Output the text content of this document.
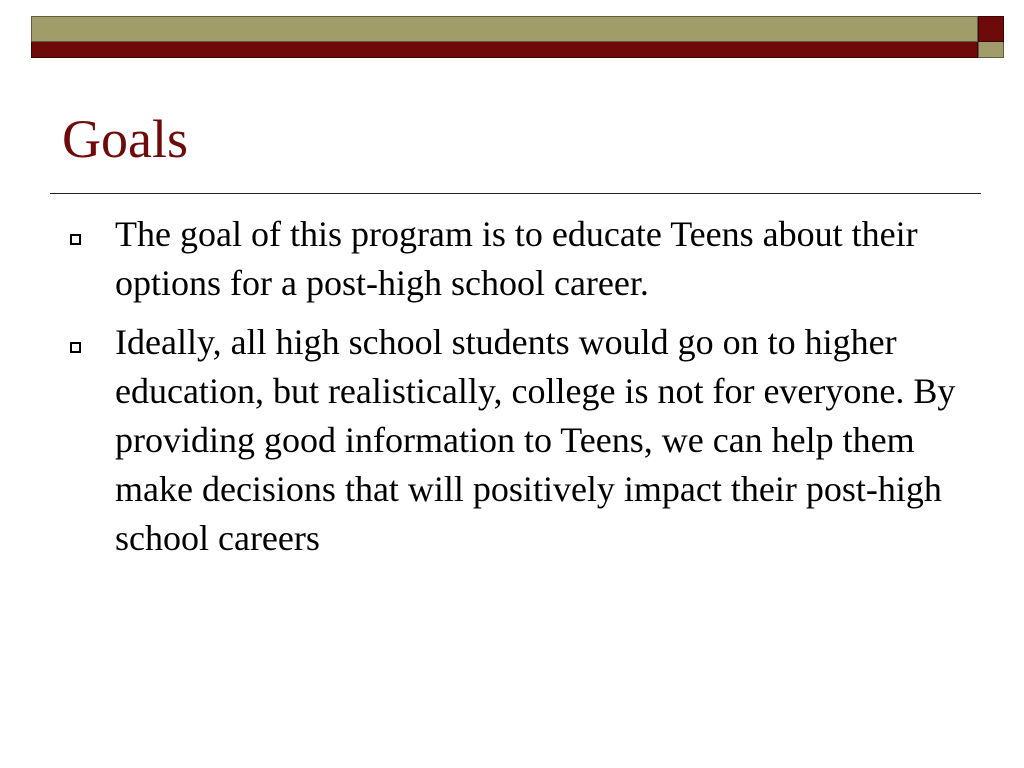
Goals
The goal of this program is to educate Teens about their options for a post-high school career.
Ideally, all high school students would go on to higher education, but realistically, college is not for everyone. By providing good information to Teens, we can help them make decisions that will positively impact their post-high school careers
